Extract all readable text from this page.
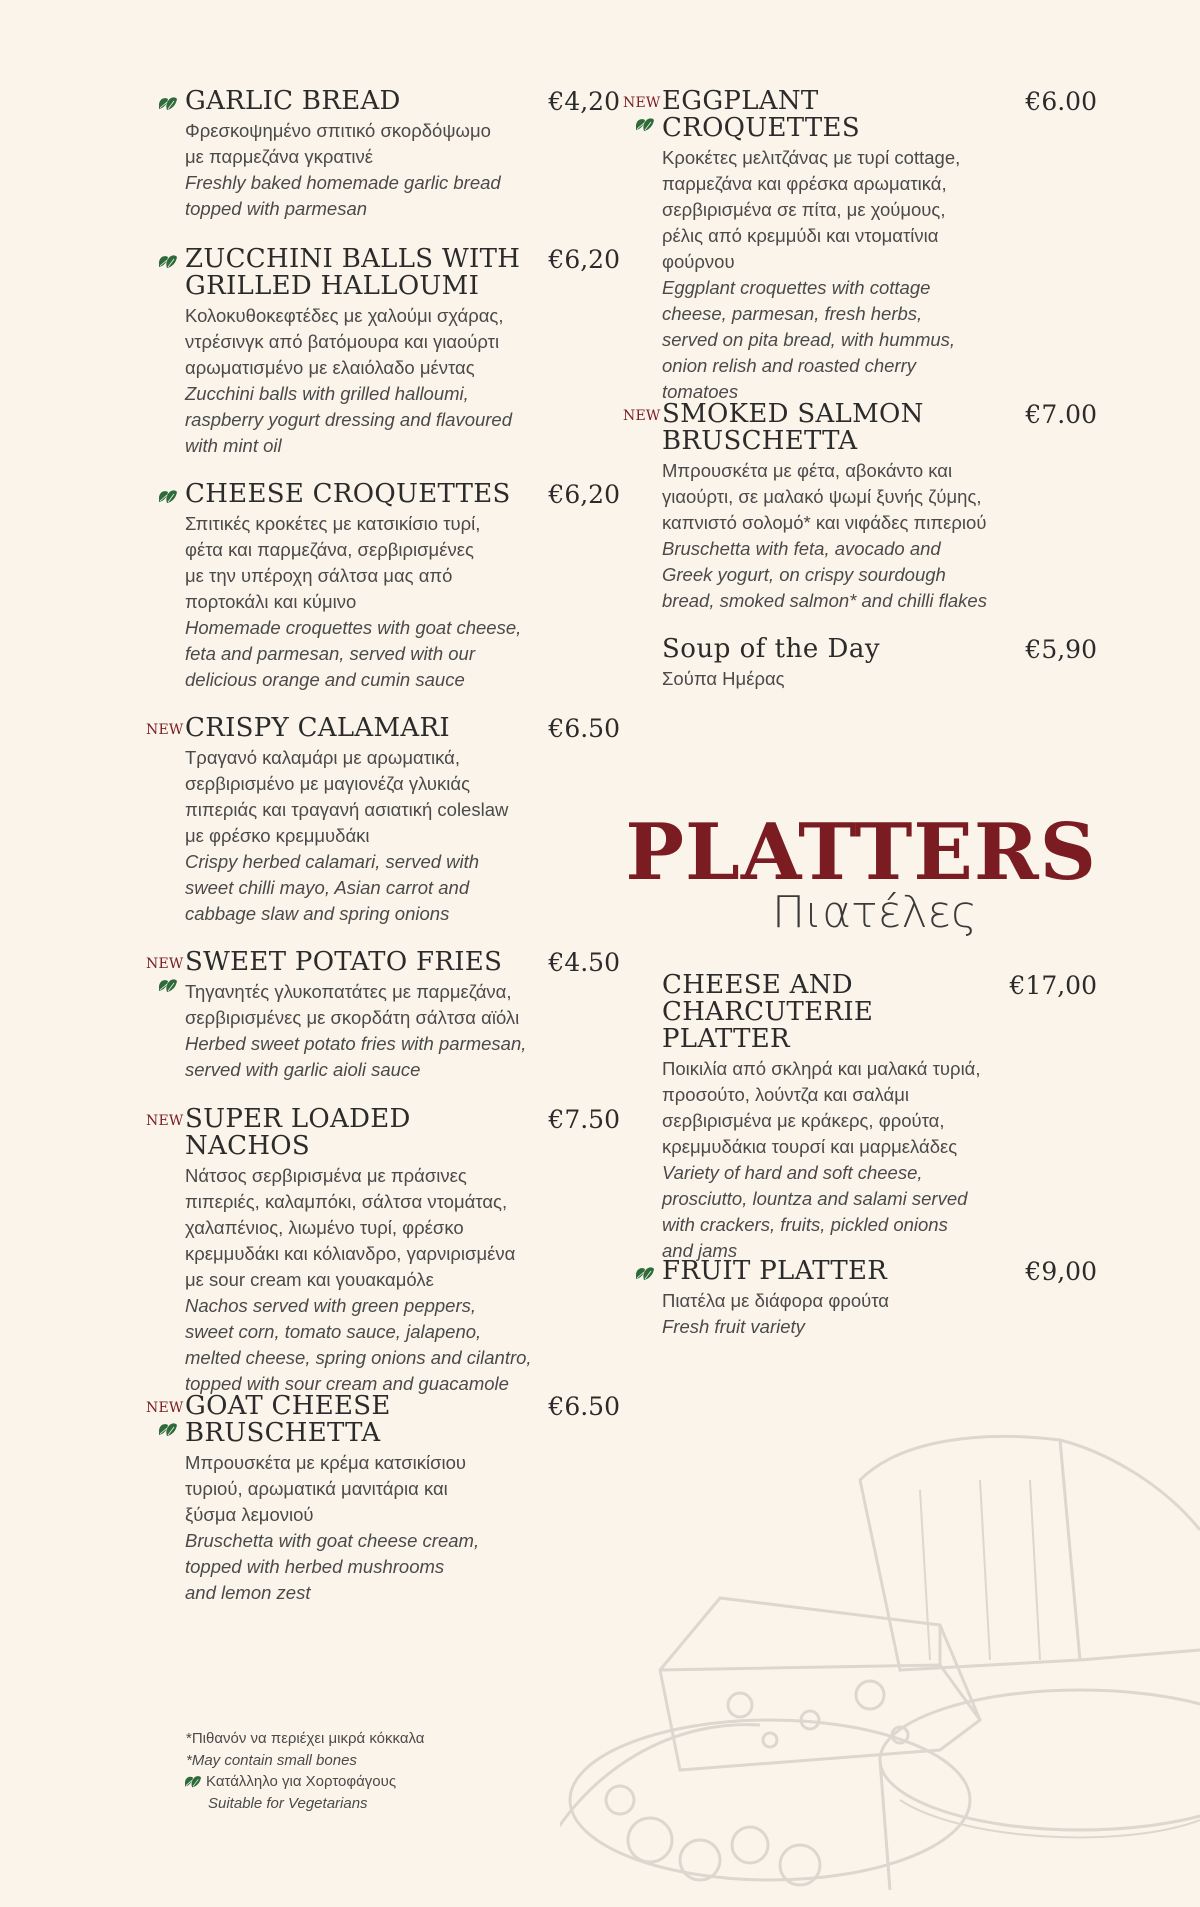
GARLIC BREAD	€4,20
Φρεσκοψημένο σπιτικό σκορδόψωμο
με παρμεζάνα γκρατινέ
Freshly baked homemade garlic bread
topped with parmesan
ZUCCHINI BALLS WITH
GRILLED HALLOUMI
€6,20
Κολοκυθοκεφτέδες με χαλούμι σχάρας,
ντρέσινγκ από βατόμουρα και γιαούρτι
αρωματισμένο με ελαιόλαδο μέντας
Zucchini balls with grilled halloumi,
raspberry yogurt dressing and flavoured
with mint oil
CHEESE CROQUETTES	€6,20
Σπιτικές κροκέτες με κατσικίσιο τυρί,
φέτα και παρμεζάνα, σερβιρισμένες
με την υπέροχη σάλτσα μας από
πορτοκάλι και κύμινο
Homemade croquettes with goat cheese,
feta and parmesan, served with our
delicious orange and cumin sauce
NEW CRISPY CALAMARI	€6.50
Τραγανό καλαμάρι με αρωματικά,
σερβιρισμένο με μαγιονέζα γλυκιάς
πιπεριάς και τραγανή ασιατική coleslaw
με φρέσκο κρεμμυδάκι
Crispy herbed calamari, served with
sweet chilli mayo, Asian carrot and
cabbage slaw and spring onions
NEW SWEET POTATO FRIES	€4.50
Τηγανητές γλυκοπατάτες με παρμεζάνα,
σερβιρισμένες με σκορδάτη σάλτσα αϊόλι
Herbed sweet potato fries with parmesan,
served with garlic aioli sauce
NEW SUPER LOADED NACHOS
€7.50
Νάτσος σερβιρισμένα με πράσινες
πιπεριές, καλαμπόκι, σάλτσα ντομάτας,
χαλαπένιος, λιωμένο τυρί, φρέσκο
κρεμμυδάκι και κόλιανδρο, γαρνιρισμένα
με sour cream και γουακαμόλε
Nachos served with green peppers,
sweet corn, tomato sauce, jalapeno,
melted cheese, spring onions and cilantro,
topped with sour cream and guacamole
NEW GOAT CHEESE
BRUSCHETTA
€6.50
Μπρουσκέτα με κρέμα κατσικίσιου
τυριού, αρωματικά μανιτάρια και
ξύσμα λεμονιού
Bruschetta with goat cheese cream,
topped with herbed mushrooms
and lemon zest
NEW EGGPLANT CROQUETTES
€6.00
Κροκέτες μελιτζάνας με τυρί cottage,
παρμεζάνα και φρέσκα αρωματικά,
σερβιρισμένα σε πίτα, με χούμους,
ρέλις από κρεμμύδι και ντοματίνια
φούρνου
Eggplant croquettes with cottage
cheese, parmesan, fresh herbs,
served on pita bread, with hummus,
onion relish and roasted cherry
tomatoes
NEW SMOKED SALMON
BRUSCHETTA
€7.00
Μπρουσκέτα με φέτα, αβοκάντο και
γιαούρτι, σε μαλακό ψωμί ξυνής ζύμης,
καπνιστό σολομό* και νιφάδες πιπεριού
Bruschetta with feta, avocado and
Greek yogurt, on crispy sourdough
bread, smoked salmon* and chilli flakes
Soup of the Day	€5,90
Σούπα Ημέρας
CHEESE AND
CHARCUTERIE PLATTER
€17,00
Ποικιλία από σκληρά και μαλακά τυριά,
προσούτο, λούντζα και σαλάμι
σερβιρισμένα με κράκερς, φρούτα,
κρεμμυδάκια τουρσί και μαρμελάδες
Variety of hard and soft cheese,
prosciutto, lountza and salami served
with crackers, fruits, pickled onions
and jams
FRUIT PLATTER	€9,00
Πιατέλα με διάφορα φρούτα
Fresh fruit variety
PLATTERS
Πιατέλες
*Πιθανόν να περιέχει μικρά κόκκαλα
*May contain small bones
Κατάλληλο για Χορτοφάγους
Suitable for Vegetarians
